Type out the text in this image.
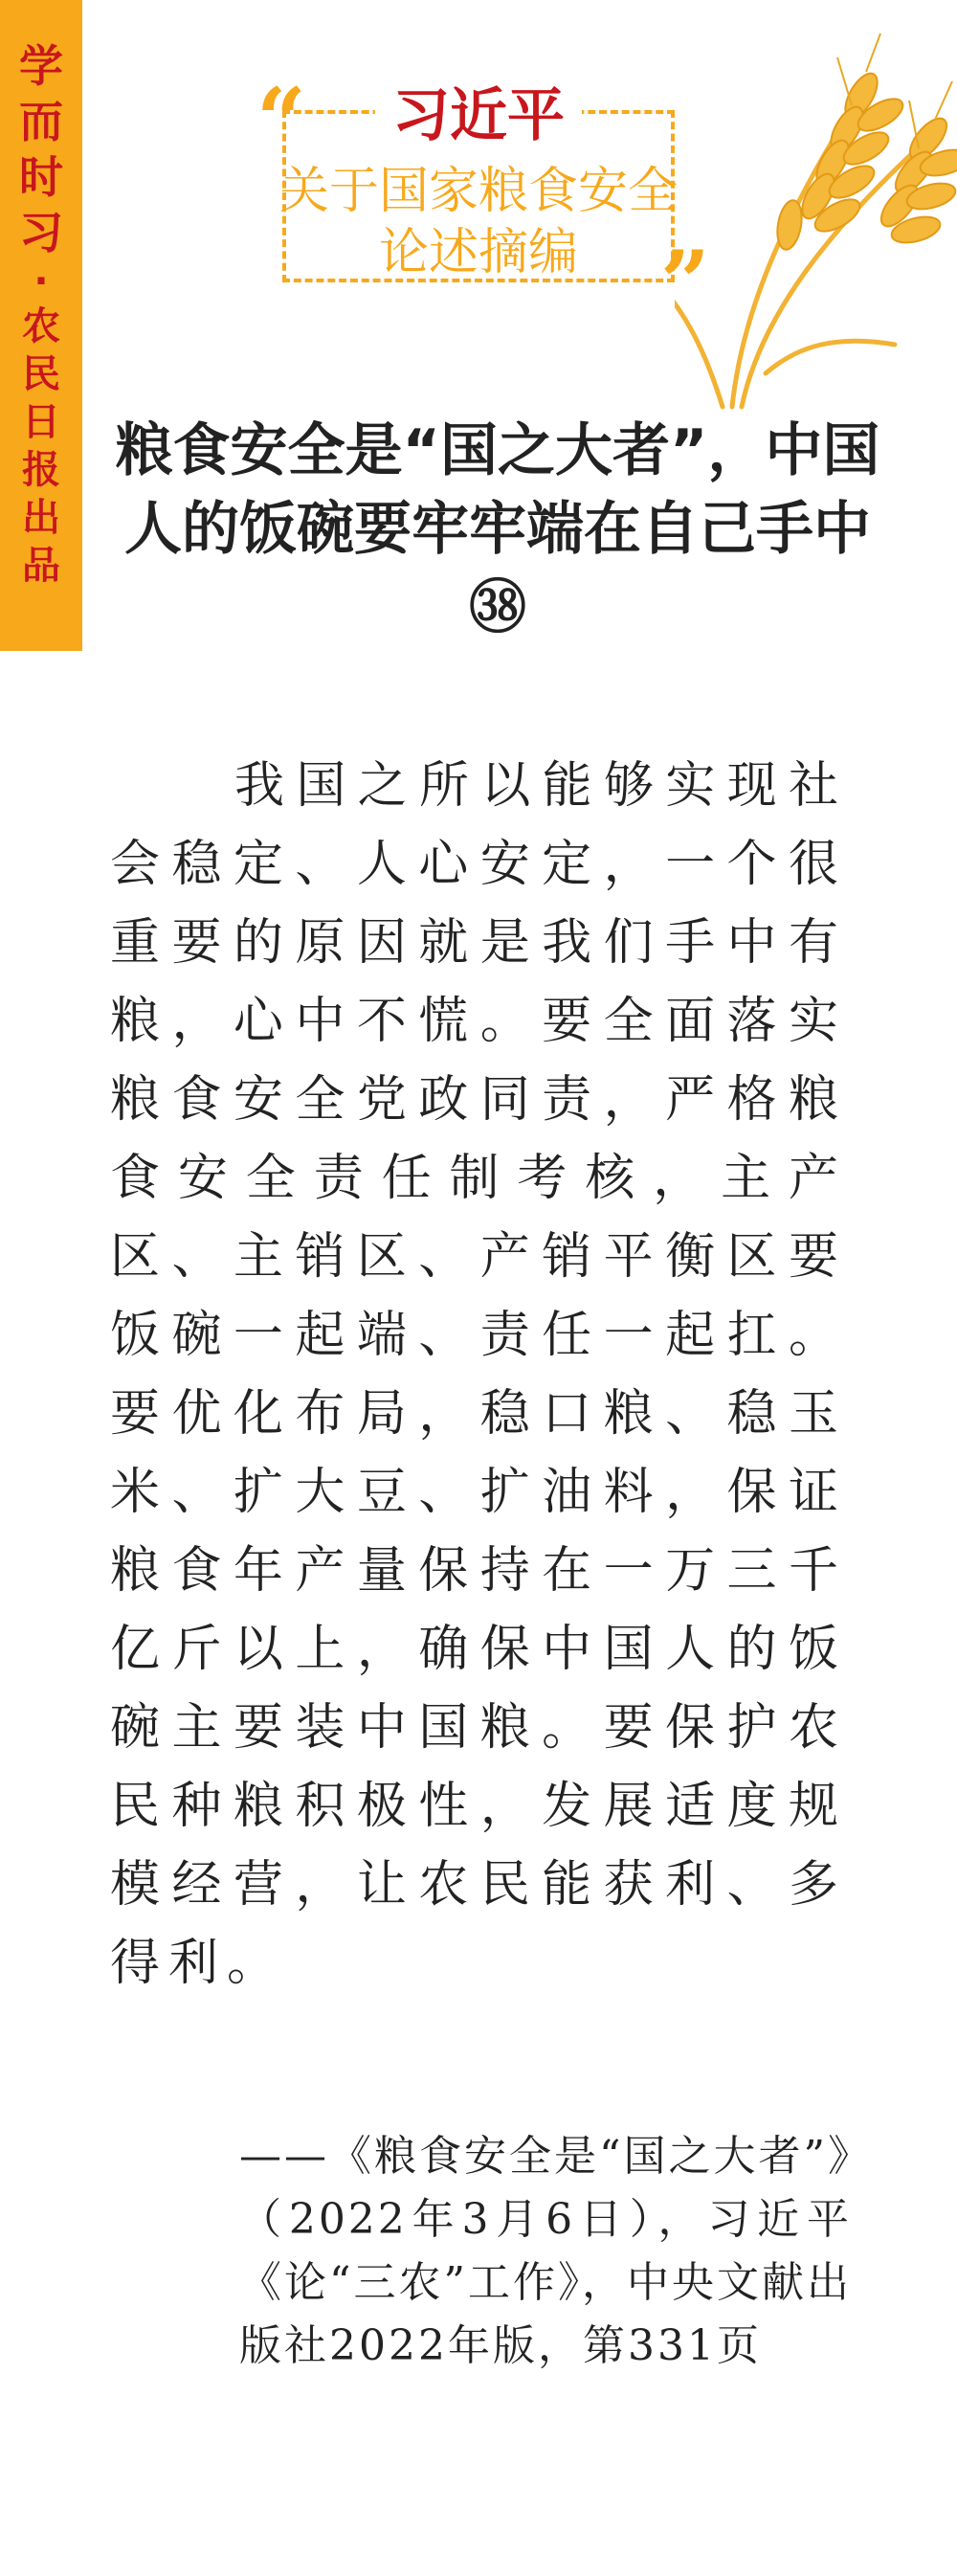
学而时习
·
农民日报出品
“
”
习近平
关于国家粮食安全
论述摘编
粮食安全是“国之大者”，中国人的饭碗要牢牢端在自己手中㊳
我国之所以能够实现社会稳定、人心安定，一个很重要的原因就是我们手中有粮，心中不慌。要全面落实粮食安全党政同责，严格粮食安全责任制考核，主产区、主销区、产销平衡区要饭碗一起端、责任一起扛。要优化布局，稳口粮、稳玉米、扩大豆、扩油料，保证粮食年产量保持在一万三千亿斤以上，确保中国人的饭碗主要装中国粮。要保护农民种粮积极性，发展适度规模经营，让农民能获利、多得利。
——《粮食安全是“国之大者”》（2022年3月6日），习近平《论“三农”工作》，中央文献出版社2022年版，第331页
